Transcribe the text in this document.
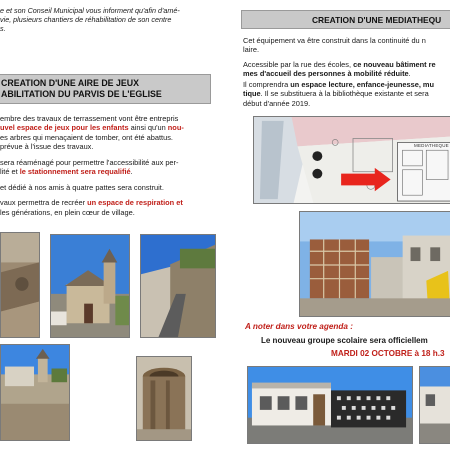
e et son Conseil Municipal vous informent qu'afin d'amé-

vie, plusieurs chantiers de réhabilitation de son centre

s.

CREATION D'UNE AIRE DE JEUX

ABILITATION DU PARVIS DE L'EGLISE

embre des travaux de terrassement vont être entrepris

uvel espace de jeux pour les enfants ainsi qu'un nou-

es arbres qui menaçaient de tomber, ont été abattus.

prévue à l'issue des travaux.

sera réaménagé pour permettre l'accessibilité aux per-

lité et le stationnement sera requalifié.

et dédié à nos amis à quatre pattes sera construit.

vaux permettra de recréer un espace de respiration et

les générations, en plein cœur de village.

CREATION D'UNE MEDIATHEQU

Cet équipement va être construit dans la continuité du n

laire.

Accessible par la rue des écoles, ce nouveau bâtiment re

mes d'accueil des personnes à mobilité réduite.

Il comprendra un espace lecture, enfance-jeunesse, mu

tique. Il se substituera à la bibliothèque existante et sera

début d'année 2019.

MEDIATHEQUE

A noter dans votre agenda :

Le nouveau groupe scolaire sera officiellem

MARDI 02 OCTOBRE à 18 h.3
